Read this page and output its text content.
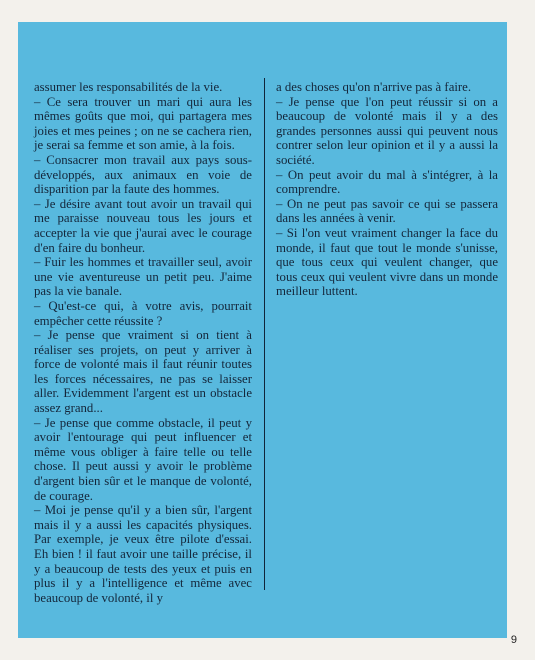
assumer les responsabilités de la vie.

– Ce sera trouver un mari qui aura les mêmes goûts que moi, qui partagera mes joies et mes peines ; on ne se cachera rien, je serai sa femme et son amie, à la fois.

– Consacrer mon travail aux pays sous-développés, aux animaux en voie de disparition par la faute des hommes.

– Je désire avant tout avoir un travail qui me paraisse nouveau tous les jours et accepter la vie que j'aurai avec le courage d'en faire du bonheur.

– Fuir les hommes et travailler seul, avoir une vie aventureuse un petit peu. J'aime pas la vie banale.

– Qu'est-ce qui, à votre avis, pourrait empêcher cette réussite ?

– Je pense que vraiment si on tient à réaliser ses projets, on peut y arriver à force de volonté mais il faut réunir toutes les forces nécessaires, ne pas se laisser aller. Evidemment l'argent est un obstacle assez grand...

– Je pense que comme obstacle, il peut y avoir l'entourage qui peut influencer et même vous obliger à faire telle ou telle chose. Il peut aussi y avoir le problème d'argent bien sûr et le manque de volonté, de courage.

– Moi je pense qu'il y a bien sûr, l'argent mais il y a aussi les capacités physiques. Par exemple, je veux être pilote d'essai. Eh bien ! il faut avoir une taille précise, il y a beaucoup de tests des yeux et puis en plus il y a l'intelligence et même avec beaucoup de volonté, il y

a des choses qu'on n'arrive pas à faire.

– Je pense que l'on peut réussir si on a beaucoup de volonté mais il y a des grandes personnes aussi qui peuvent nous contrer selon leur opinion et il y a aussi la société.

– On peut avoir du mal à s'intégrer, à la comprendre.

– On ne peut pas savoir ce qui se passera dans les années à venir.

– Si l'on veut vraiment changer la face du monde, il faut que tout le monde s'unisse, que tous ceux qui veulent changer, que tous ceux qui veulent vivre dans un monde meilleur luttent.

9
